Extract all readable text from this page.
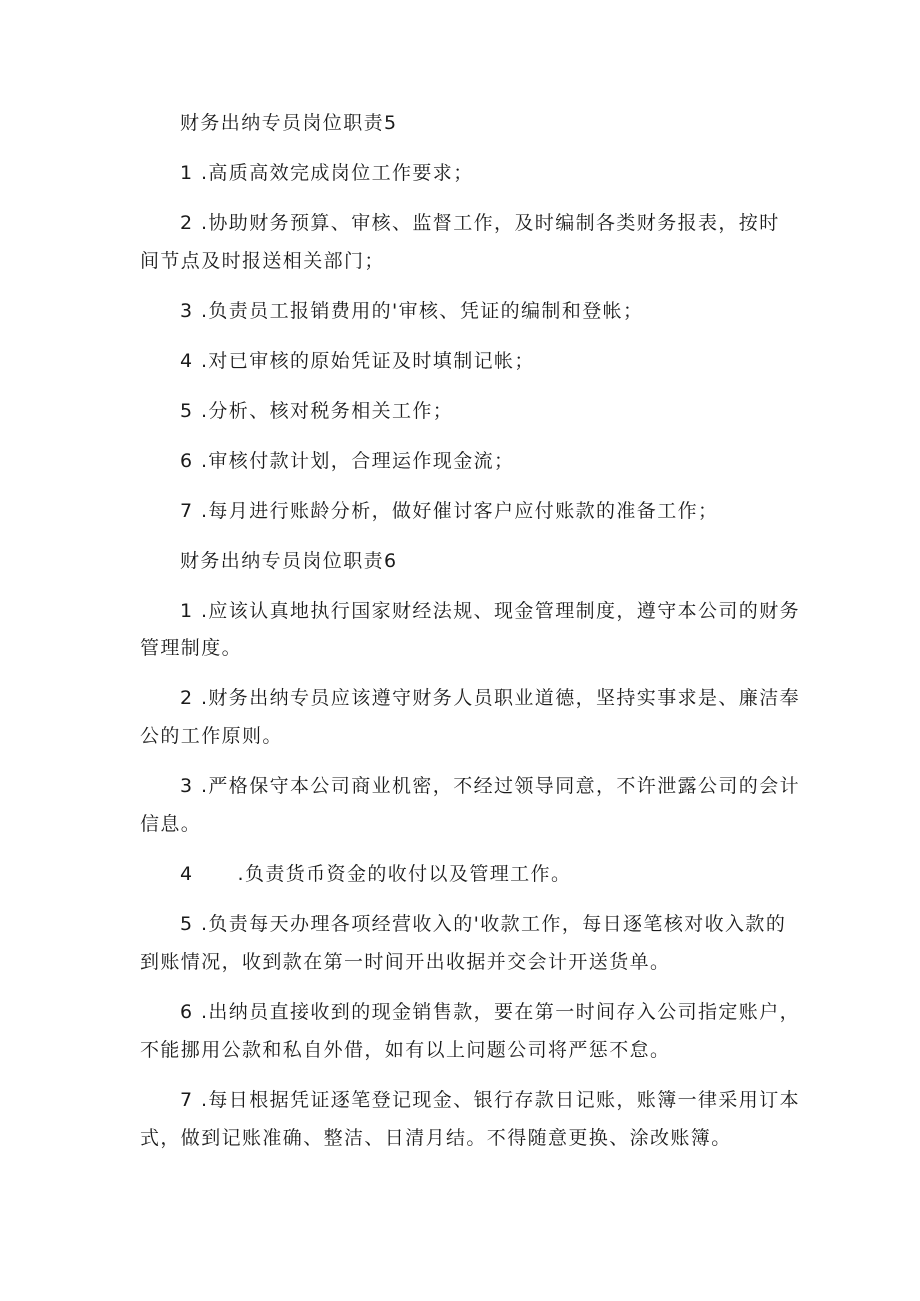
财务出纳专员岗位职责5
1 .高质高效完成岗位工作要求；
2 .协助财务预算、审核、监督工作，及时编制各类财务报表，按时
间节点及时报送相关部门；
3 .负责员工报销费用的'审核、凭证的编制和登帐；
4 .对已审核的原始凭证及时填制记帐；
5 .分析、核对税务相关工作；
6 .审核付款计划，合理运作现金流；
7 .每月进行账龄分析，做好催讨客户应付账款的准备工作；
财务出纳专员岗位职责6
1 .应该认真地执行国家财经法规、现金管理制度，遵守本公司的财务
管理制度。
2 .财务出纳专员应该遵守财务人员职业道德，坚持实事求是、廉洁奉
公的工作原则。
3 .严格保守本公司商业机密，不经过领导同意，不许泄露公司的会计
信息。
4 .负责货币资金的收付以及管理工作。
5 .负责每天办理各项经营收入的'收款工作，每日逐笔核对收入款的
到账情况，收到款在第一时间开出收据并交会计开送货单。
6 .出纳员直接收到的现金销售款，要在第一时间存入公司指定账户，
不能挪用公款和私自外借，如有以上问题公司将严惩不怠。
7 .每日根据凭证逐笔登记现金、银行存款日记账，账簿一律采用订本
式，做到记账准确、整洁、日清月结。不得随意更换、涂改账簿。
